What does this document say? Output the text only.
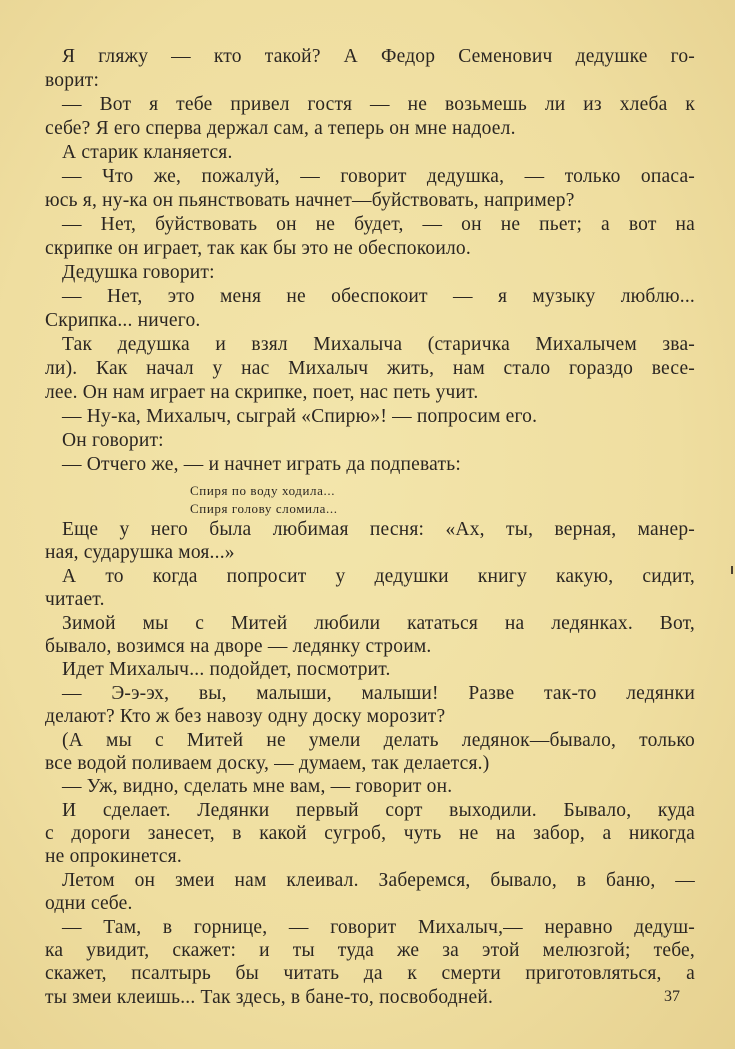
Я гляжу — кто такой? А Федор Семенович дедушке го-
ворит:
— Вот я тебе привел гостя — не возьмешь ли из хлеба к
себе? Я его сперва держал сам, а теперь он мне надоел.
А старик кланяется.
— Что же, пожалуй, — говорит дедушка, — только опаса-
юсь я, ну-ка он пьянствовать начнет—буйствовать, например?
— Нет, буйствовать он не будет, — он не пьет; а вот на
скрипке он играет, так как бы это не обеспокоило.
Дедушка говорит:
— Нет, это меня не обеспокоит — я музыку люблю...
Скрипка... ничего.
Так дедушка и взял Михалыча (старичка Михалычем зва-
ли). Как начал у нас Михалыч жить, нам стало гораздо весе-
лее. Он нам играет на скрипке, поет, нас петь учит.
— Ну-ка, Михалыч, сыграй «Спирю»! — попросим его.
Он говорит:
— Отчего же, — и начнет играть да подпевать:
Спиря по воду ходила...
Спиря голову сломила...
Еще у него была любимая песня: «Ах, ты, верная, манер-
ная, сударушка моя...»
А то когда попросит у дедушки книгу какую, сидит,
читает.
Зимой мы с Митей любили кататься на ледянках. Вот,
бывало, возимся на дворе — ледянку строим.
Идет Михалыч... подойдет, посмотрит.
— Э-э-эх, вы, малыши, малыши! Разве так-то ледянки
делают? Кто ж без навозу одну доску морозит?
(А мы с Митей не умели делать ледянок—бывало, только
все водой поливаем доску, — думаем, так делается.)
— Уж, видно, сделать мне вам, — говорит он.
И сделает. Ледянки первый сорт выходили. Бывало, куда
с дороги занесет, в какой сугроб, чуть не на забор, а никогда
не опрокинется.
Летом он змеи нам клеивал. Заберемся, бывало, в баню, —
одни себе.
— Там, в горнице, — говорит Михалыч,— неравно дедуш-
ка увидит, скажет: и ты туда же за этой мелюзгой; тебе,
скажет, псалтырь бы читать да к смерти приготовляться, а
ты змеи клеишь... Так здесь, в бане-то, посвободней.	37
